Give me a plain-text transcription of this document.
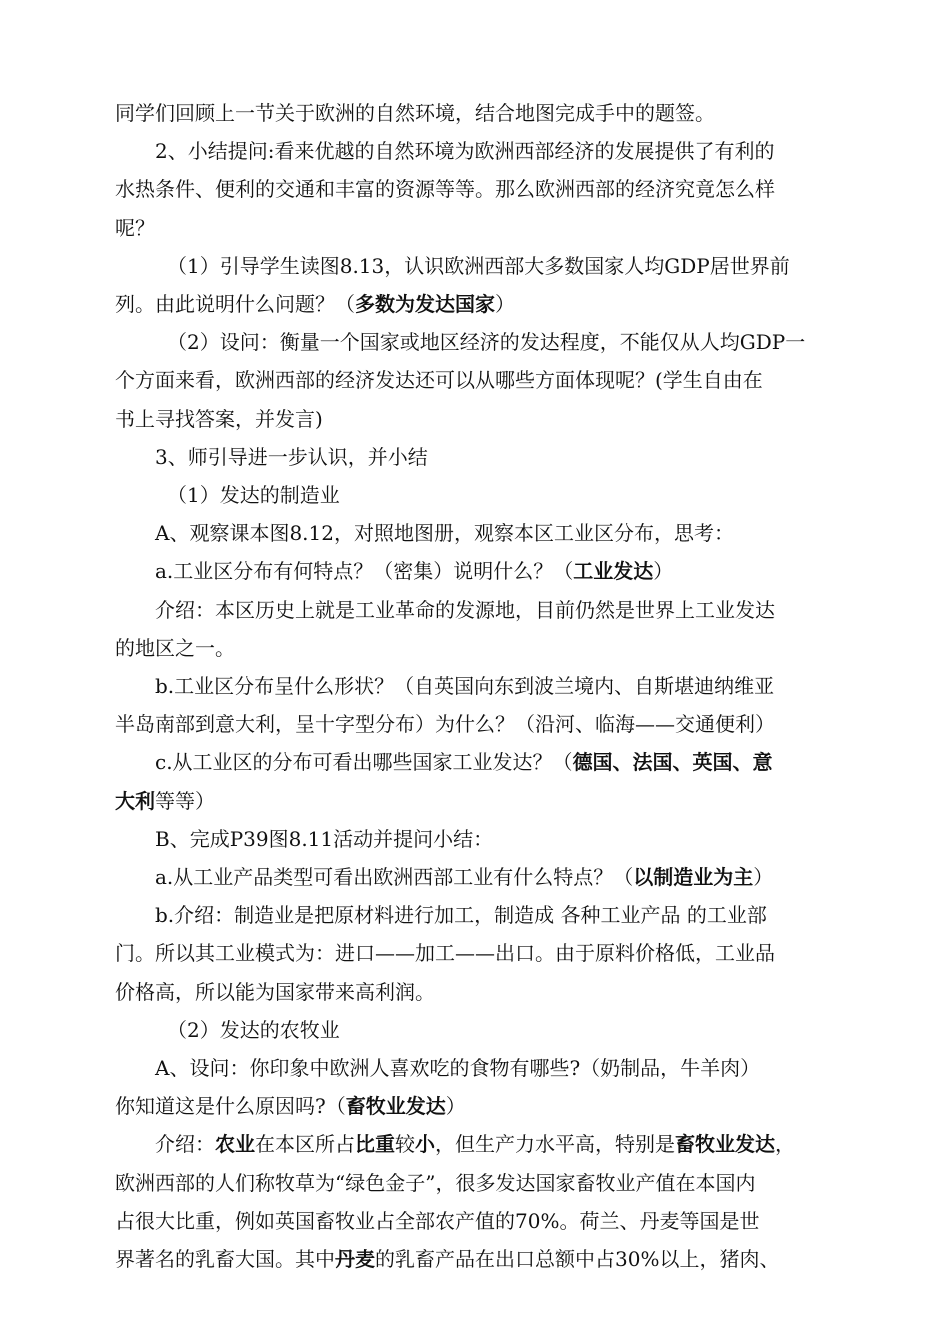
同学们回顾上一节关于欧洲的自然环境，结合地图完成手中的题签。

2、小结提问:看来优越的自然环境为欧洲西部经济的发展提供了有利的

水热条件、便利的交通和丰富的资源等等。那么欧洲西部的经济究竟怎么样

呢？

（1）引导学生读图8.13，认识欧洲西部大多数国家人均GDP居世界前

列。由此说明什么问题？（多数为发达国家）

（2）设问：衡量一个国家或地区经济的发达程度，不能仅从人均GDP一

个方面来看，欧洲西部的经济发达还可以从哪些方面体现呢？(学生自由在

书上寻找答案，并发言)

3、师引导进一步认识，并小结

（1）发达的制造业

A、观察课本图8.12，对照地图册，观察本区工业区分布，思考：

a.工业区分布有何特点？（密集）说明什么？（工业发达）

介绍：本区历史上就是工业革命的发源地，目前仍然是世界上工业发达

的地区之一。

b.工业区分布呈什么形状？（自英国向东到波兰境内、自斯堪迪纳维亚

半岛南部到意大利，呈十字型分布）为什么？（沿河、临海——交通便利）

c.从工业区的分布可看出哪些国家工业发达？（德国、法国、英国、意

大利等等）

B、完成P39图8.11活动并提问小结：

a.从工业产品类型可看出欧洲西部工业有什么特点？（以制造业为主）

b.介绍：制造业是把原材料进行加工，制造成 各种工业产品 的工业部

门。所以其工业模式为：进口——加工——出口。由于原料价格低，工业品

价格高，所以能为国家带来高利润。

（2）发达的农牧业

A、设问：你印象中欧洲人喜欢吃的食物有哪些?（奶制品，牛羊肉）

你知道这是什么原因吗?（畜牧业发达）

介绍：农业在本区所占比重较小，但生产力水平高，特别是畜牧业发达，

欧洲西部的人们称牧草为“绿色金子”，很多发达国家畜牧业产值在本国内

占很大比重，例如英国畜牧业占全部农产值的70%。荷兰、丹麦等国是世

界著名的乳畜大国。其中丹麦的乳畜产品在出口总额中占30%以上，猪肉、
